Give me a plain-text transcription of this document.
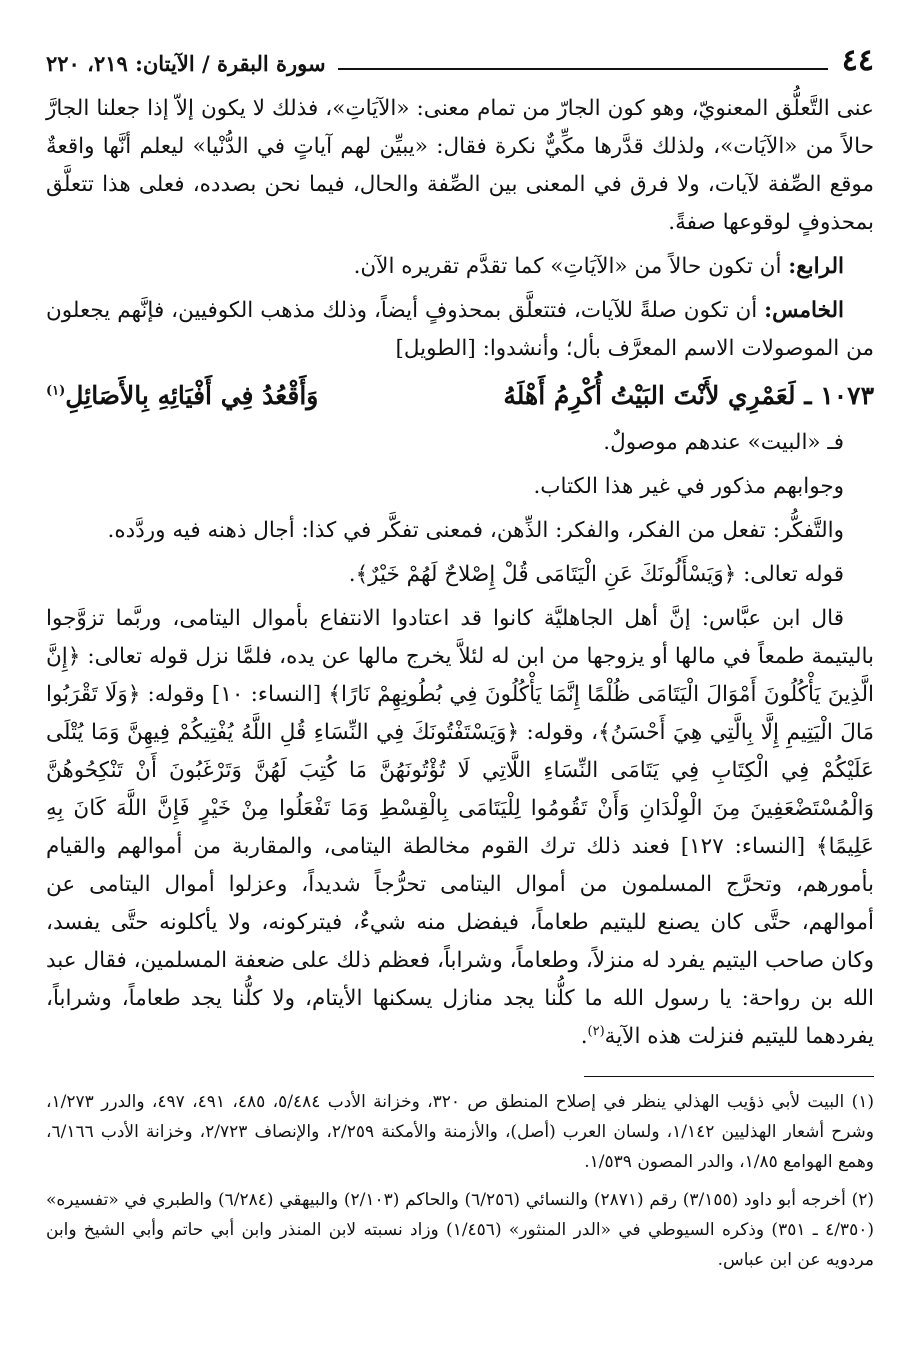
٤٤
سورة البقرة / الآيتان: ٢١٩، ٢٢٠

عنى التَّعلُّق المعنويّ، وهو كون الجارّ من تمام معنى: «الآيَاتِ»، فذلك لا يكون إلاّ إذا جعلنا الجارَّ حالاً من «الآيَات»، ولذلك قدَّرها مكِّيٌّ نكرة فقال: «يبيِّن لهم آياتٍ في الدُّنْيا» ليعلم أنَّها واقعةٌ موقع الصِّفة لآيات، ولا فرق في المعنى بين الصِّفة والحال، فيما نحن بصدده، فعلى هذا تتعلَّق بمحذوفٍ لوقوعها صفةً.

الرابع: أن تكون حالاً من «الآيَاتِ» كما تقدَّم تقريره الآن.

الخامس: أن تكون صلةً للآيات، فتتعلَّق بمحذوفٍ أيضاً، وذلك مذهب الكوفيين، فإنَّهم يجعلون من الموصولات الاسم المعرَّف بأل؛ وأنشدوا: [الطويل]

١٠٧٣ ـ لَعَمْرِي لأَنْتَ البَيْتُ أُكْرِمُ أَهْلَهُ
وَأَقْعُدُ فِي أَفْيَائِهِ بِالأَصَائِلِ$^{(١)}$

فـ «البيت» عندهم موصولٌ.

وجوابهم مذكور في غير هذا الكتاب.

والتَّفكُّر: تفعل من الفكر، والفكر: الذِّهن، فمعنى تفكَّر في كذا: أجال ذهنه فيه وردَّده.

قوله تعالى: ﴿وَيَسْأَلُونَكَ عَنِ الْيَتَامَى قُلْ إِصْلاحٌ لَهُمْ خَيْرٌ﴾.

قال ابن عبَّاس: إنَّ أهل الجاهليَّة كانوا قد اعتادوا الانتفاع بأموال اليتامى، وربَّما تزوَّجوا باليتيمة طمعاً في مالها أو يزوجها من ابن له لئلاَّ يخرج مالها عن يده، فلمَّا نزل قوله تعالى: ﴿إِنَّ الَّذِينَ يَأْكُلُونَ أَمْوَالَ الْيَتَامَى ظُلْمًا إِنَّمَا يَأْكُلُونَ فِي بُطُونِهِمْ نَارًا﴾ [النساء: ١٠] وقوله: ﴿وَلَا تَقْرَبُوا مَالَ الْيَتِيمِ إِلَّا بِالَّتِي هِيَ أَحْسَنُ﴾، وقوله: ﴿وَيَسْتَفْتُونَكَ فِي النِّسَاءِ قُلِ اللَّهُ يُفْتِيكُمْ فِيهِنَّ وَمَا يُتْلَى عَلَيْكُمْ فِي الْكِتَابِ فِي يَتَامَى النِّسَاءِ اللَّاتِي لَا تُؤْتُونَهُنَّ مَا كُتِبَ لَهُنَّ وَتَرْغَبُونَ أَنْ تَنْكِحُوهُنَّ وَالْمُسْتَضْعَفِينَ مِنَ الْوِلْدَانِ وَأَنْ تَقُومُوا لِلْيَتَامَى بِالْقِسْطِ وَمَا تَفْعَلُوا مِنْ خَيْرٍ فَإِنَّ اللَّهَ كَانَ بِهِ عَلِيمًا﴾ [النساء: ١٢٧] فعند ذلك ترك القوم مخالطة اليتامى، والمقاربة من أموالهم والقيام بأمورهم، وتحرَّج المسلمون من أموال اليتامى تحرُّجاً شديداً، وعزلوا أموال اليتامى عن أموالهم، حتَّى كان يصنع لليتيم طعاماً، فيفضل منه شيءٌ، فيتركونه، ولا يأكلونه حتَّى يفسد، وكان صاحب اليتيم يفرد له منزلاً، وطعاماً، وشراباً، فعظم ذلك على ضعفة المسلمين، فقال عبد الله بن رواحة: يا رسول الله ما كلُّنا يجد منازل يسكنها الأيتام، ولا كلُّنا يجد طعاماً، وشراباً، يفردهما لليتيم فنزلت هذه الآية$^{(٢)}$.

(١) البيت لأبي ذؤيب الهذلي ينظر في إصلاح المنطق ص ٣٢٠، وخزانة الأدب ٥/٤٨٤، ٤٨٥، ٤٩١، ٤٩٧، والدرر ١/٢٧٣، وشرح أشعار الهذليين ١/١٤٢، ولسان العرب (أصل)، والأزمنة والأمكنة ٢/٢٥٩، والإنصاف ٢/٧٢٣، وخزانة الأدب ٦/١٦٦، وهمع الهوامع ١/٨٥، والدر المصون ١/٥٣٩.

(٢) أخرجه أبو داود (٣/١٥٥) رقم (٢٨٧١) والنسائي (٦/٢٥٦) والحاكم (٢/١٠٣) والبيهقي (٦/٢٨٤) والطبري في «تفسيره» (٤/٣٥٠ ـ ٣٥١) وذكره السيوطي في «الدر المنثور» (١/٤٥٦) وزاد نسبته لابن المنذر وابن أبي حاتم وأبي الشيخ وابن مردويه عن ابن عباس.
